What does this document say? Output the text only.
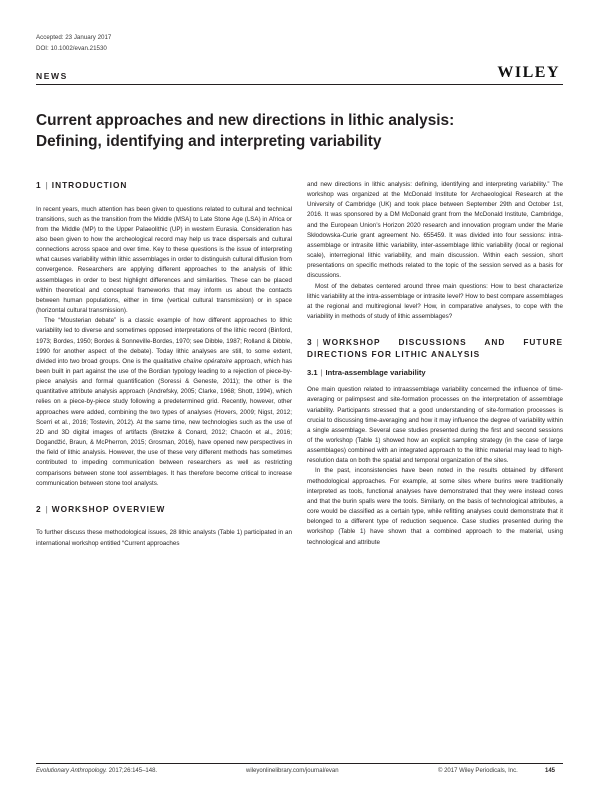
Accepted: 23 January 2017
DOI: 10.1002/evan.21530
NEWS	WILEY
Current approaches and new directions in lithic analysis:
Defining, identifying and interpreting variability
1 | INTRODUCTION

In recent years, much attention has been given to questions related to cultural and technical transitions, such as the transition from the Middle (MSA) to Late Stone Age (LSA) in Africa or from the Middle (MP) to the Upper Palaeolithic (UP) in western Eurasia. Consideration has also been given to how the archeological record may help us trace dispersals and cultural connections across space and over time. Key to these questions is the issue of interpreting what causes variability within lithic assemblages in order to distinguish cultural diffusion from convergence. Researchers are applying different approaches to the analysis of lithic assemblages in order to best highlight differences and similarities. These can be placed within theoretical and conceptual frameworks that may inform us about the contacts between human populations, either in time (vertical cultural transmission) or in space (horizontal cultural transmission).

The “Mousterian debate” is a classic example of how different approaches to lithic variability led to diverse and sometimes opposed interpretations of the lithic record (Binford, 1973; Bordes, 1950; Bordes & Sonneville-Bordes, 1970; see Dibble, 1987; Rolland & Dibble, 1990 for another aspect of the debate). Today lithic analyses are still, to some extent, divided into two broad groups. One is the qualitative chaîne opératoire approach, which has been built in part against the use of the Bordian typology leading to a rejection of piece-by-piece analysis and formal quantification (Soressi & Geneste, 2011); the other is the quantitative attribute analysis approach (Andrefsky, 2005; Clarke, 1968; Shott, 1994), which relies on a piece-by-piece study following a predetermined grid. Recently, however, other approaches were added, combining the two types of analyses (Hovers, 2009; Nigst, 2012; Scerri et al., 2016; Tostevin, 2012). At the same time, new technologies such as the use of 2D and 3D digital images of artifacts (Bretzke & Conard, 2012; Chacón et al., 2016; Dogandžić, Braun, & McPherron, 2015; Grosman, 2016), have opened new perspectives in the field of lithic analysis. However, the use of these very different methods has sometimes contributed to impeding communication between researchers as well as restricting comparisons between stone tool assemblages. It has therefore become critical to increase communication between stone tool analysts.

2 | WORKSHOP OVERVIEW

To further discuss these methodological issues, 28 lithic analysts (Table 1) participated in an international workshop entitled “Current approaches

and new directions in lithic analysis: defining, identifying and interpreting variability.” The workshop was organized at the McDonald Institute for Archaeological Research at the University of Cambridge (UK) and took place between September 29th and October 1st, 2016. It was sponsored by a DM McDonald grant from the McDonald Institute, Cambridge, and the European Union’s Horizon 2020 research and innovation program under the Marie Skłodowska-Curie grant agreement No. 655459. It was divided into four sessions: intra-assemblage or intrasite lithic variability, inter-assemblage lithic variability (local or regional scale), interregional lithic variability, and main discussion. Within each session, short presentations on specific methods related to the topic of the session served as a basis for discussions.

Most of the debates centered around three main questions: How to best characterize lithic variability at the intra-assemblage or intrasite level? How to best compare assemblages at the regional and multiregional level? How, in comparative analyses, to cope with the variability in methods of study of lithic assemblages?

3 | WORKSHOP DISCUSSIONS AND FUTURE DIRECTIONS FOR LITHIC ANALYSIS
3.1 | Intra-assemblage variability

One main question related to intraassemblage variability concerned the influence of time-averaging or palimpsest and site-formation processes on the interpretation of assemblage variability. Participants stressed that a good understanding of site-formation processes is crucial to discussing time-averaging and how it may influence the degree of variability within a single assemblage. Several case studies presented during the first and second sessions of the workshop (Table 1) showed how an explicit sampling strategy (in the case of large assemblages) combined with an integrated approach to the lithic material may lead to high-resolution data on both the spatial and temporal organization of the sites.

In the past, inconsistencies have been noted in the results obtained by different methodological approaches. For example, at some sites where burins were traditionally interpreted as tools, functional analyses have demonstrated that they were instead cores and that the burin spalls were the tools. Similarly, on the basis of technological attributes, a core would be classified as a certain type, while refitting analyses could demonstrate that it belonged to a different type of reduction sequence. Case studies presented during the workshop (Table 1) have shown that a combined approach to the material, using technological and attribute

Evolutionary Anthropology. 2017;26:145–148.	wileyonlinelibrary.com/journal/evan	© 2017 Wiley Periodicals, Inc.	145
